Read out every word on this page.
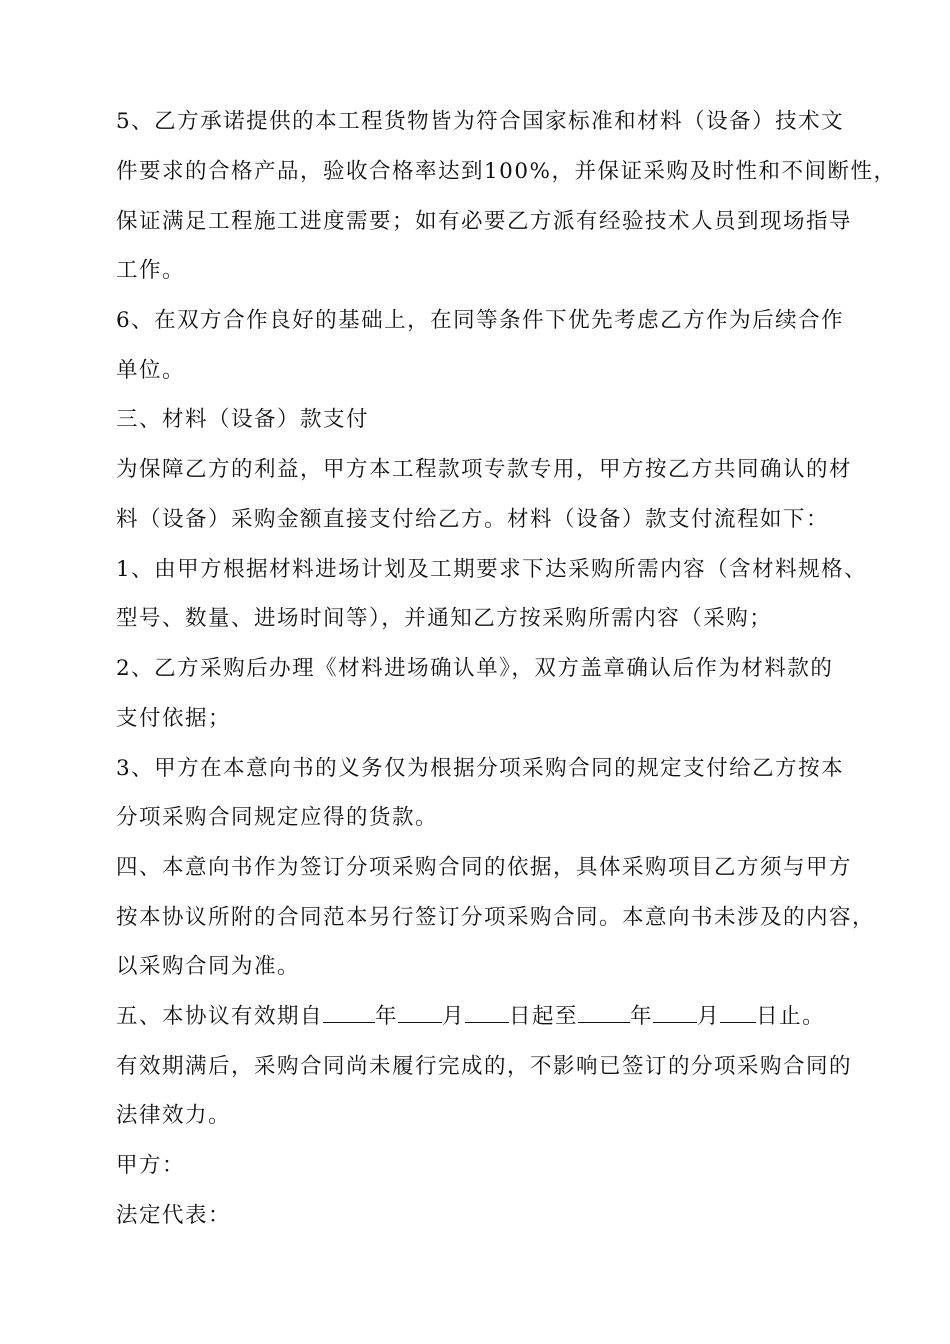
5、乙方承诺提供的本工程货物皆为符合国家标准和材料（设备）技术文
件要求的合格产品，验收合格率达到100%，并保证采购及时性和不间断性，
保证满足工程施工进度需要；如有必要乙方派有经验技术人员到现场指导
工作。
6、在双方合作良好的基础上，在同等条件下优先考虑乙方作为后续合作
单位。
三、材料（设备）款支付
为保障乙方的利益，甲方本工程款项专款专用，甲方按乙方共同确认的材
料（设备）采购金额直接支付给乙方。材料（设备）款支付流程如下：
1、由甲方根据材料进场计划及工期要求下达采购所需内容（含材料规格、
型号、数量、进场时间等），并通知乙方按采购所需内容（采购；
2、乙方采购后办理《材料进场确认单》，双方盖章确认后作为材料款的
支付依据；
3、甲方在本意向书的义务仅为根据分项采购合同的规定支付给乙方按本
分项采购合同规定应得的货款。
四、本意向书作为签订分项采购合同的依据，具体采购项目乙方须与甲方
按本协议所附的合同范本另行签订分项采购合同。本意向书未涉及的内容，
以采购合同为准。
五、本协议有效期自 年 月 日起至 年 月 日止。
有效期满后，采购合同尚未履行完成的，不影响已签订的分项采购合同的
法律效力。
甲方：
法定代表：
